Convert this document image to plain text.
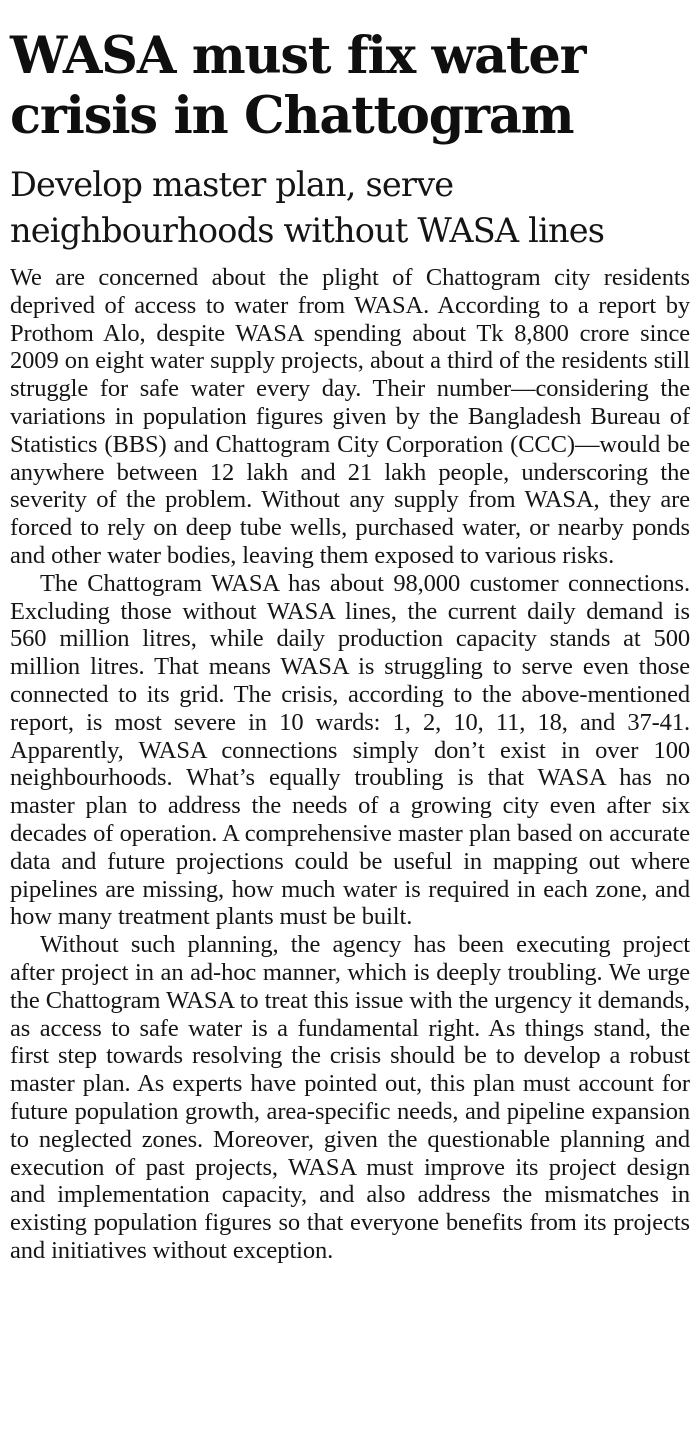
WASA must fix water crisis in Chattogram
Develop master plan, serve neighbourhoods without WASA lines

We are concerned about the plight of Chattogram city residents deprived of access to water from WASA. According to a report by Prothom Alo, despite WASA spending about Tk 8,800 crore since 2009 on eight water supply projects, about a third of the residents still struggle for safe water every day. Their number—considering the variations in population figures given by the Bangladesh Bureau of Statistics (BBS) and Chattogram City Corporation (CCC)—would be anywhere between 12 lakh and 21 lakh people, underscoring the severity of the problem. Without any supply from WASA, they are forced to rely on deep tube wells, purchased water, or nearby ponds and other water bodies, leaving them exposed to various risks.

The Chattogram WASA has about 98,000 customer connections. Excluding those without WASA lines, the current daily demand is 560 million litres, while daily production capacity stands at 500 million litres. That means WASA is struggling to serve even those connected to its grid. The crisis, according to the above-mentioned report, is most severe in 10 wards: 1, 2, 10, 11, 18, and 37-41. Apparently, WASA connections simply don’t exist in over 100 neighbourhoods. What’s equally troubling is that WASA has no master plan to address the needs of a growing city even after six decades of operation. A comprehensive master plan based on accurate data and future projections could be useful in mapping out where pipelines are missing, how much water is required in each zone, and how many treatment plants must be built.

Without such planning, the agency has been executing project after project in an ad-hoc manner, which is deeply troubling. We urge the Chattogram WASA to treat this issue with the urgency it demands, as access to safe water is a fundamental right. As things stand, the first step towards resolving the crisis should be to develop a robust master plan. As experts have pointed out, this plan must account for future population growth, area-specific needs, and pipeline expansion to neglected zones. Moreover, given the questionable planning and execution of past projects, WASA must improve its project design and implementation capacity, and also address the mismatches in existing population figures so that everyone benefits from its projects and initiatives without exception.
